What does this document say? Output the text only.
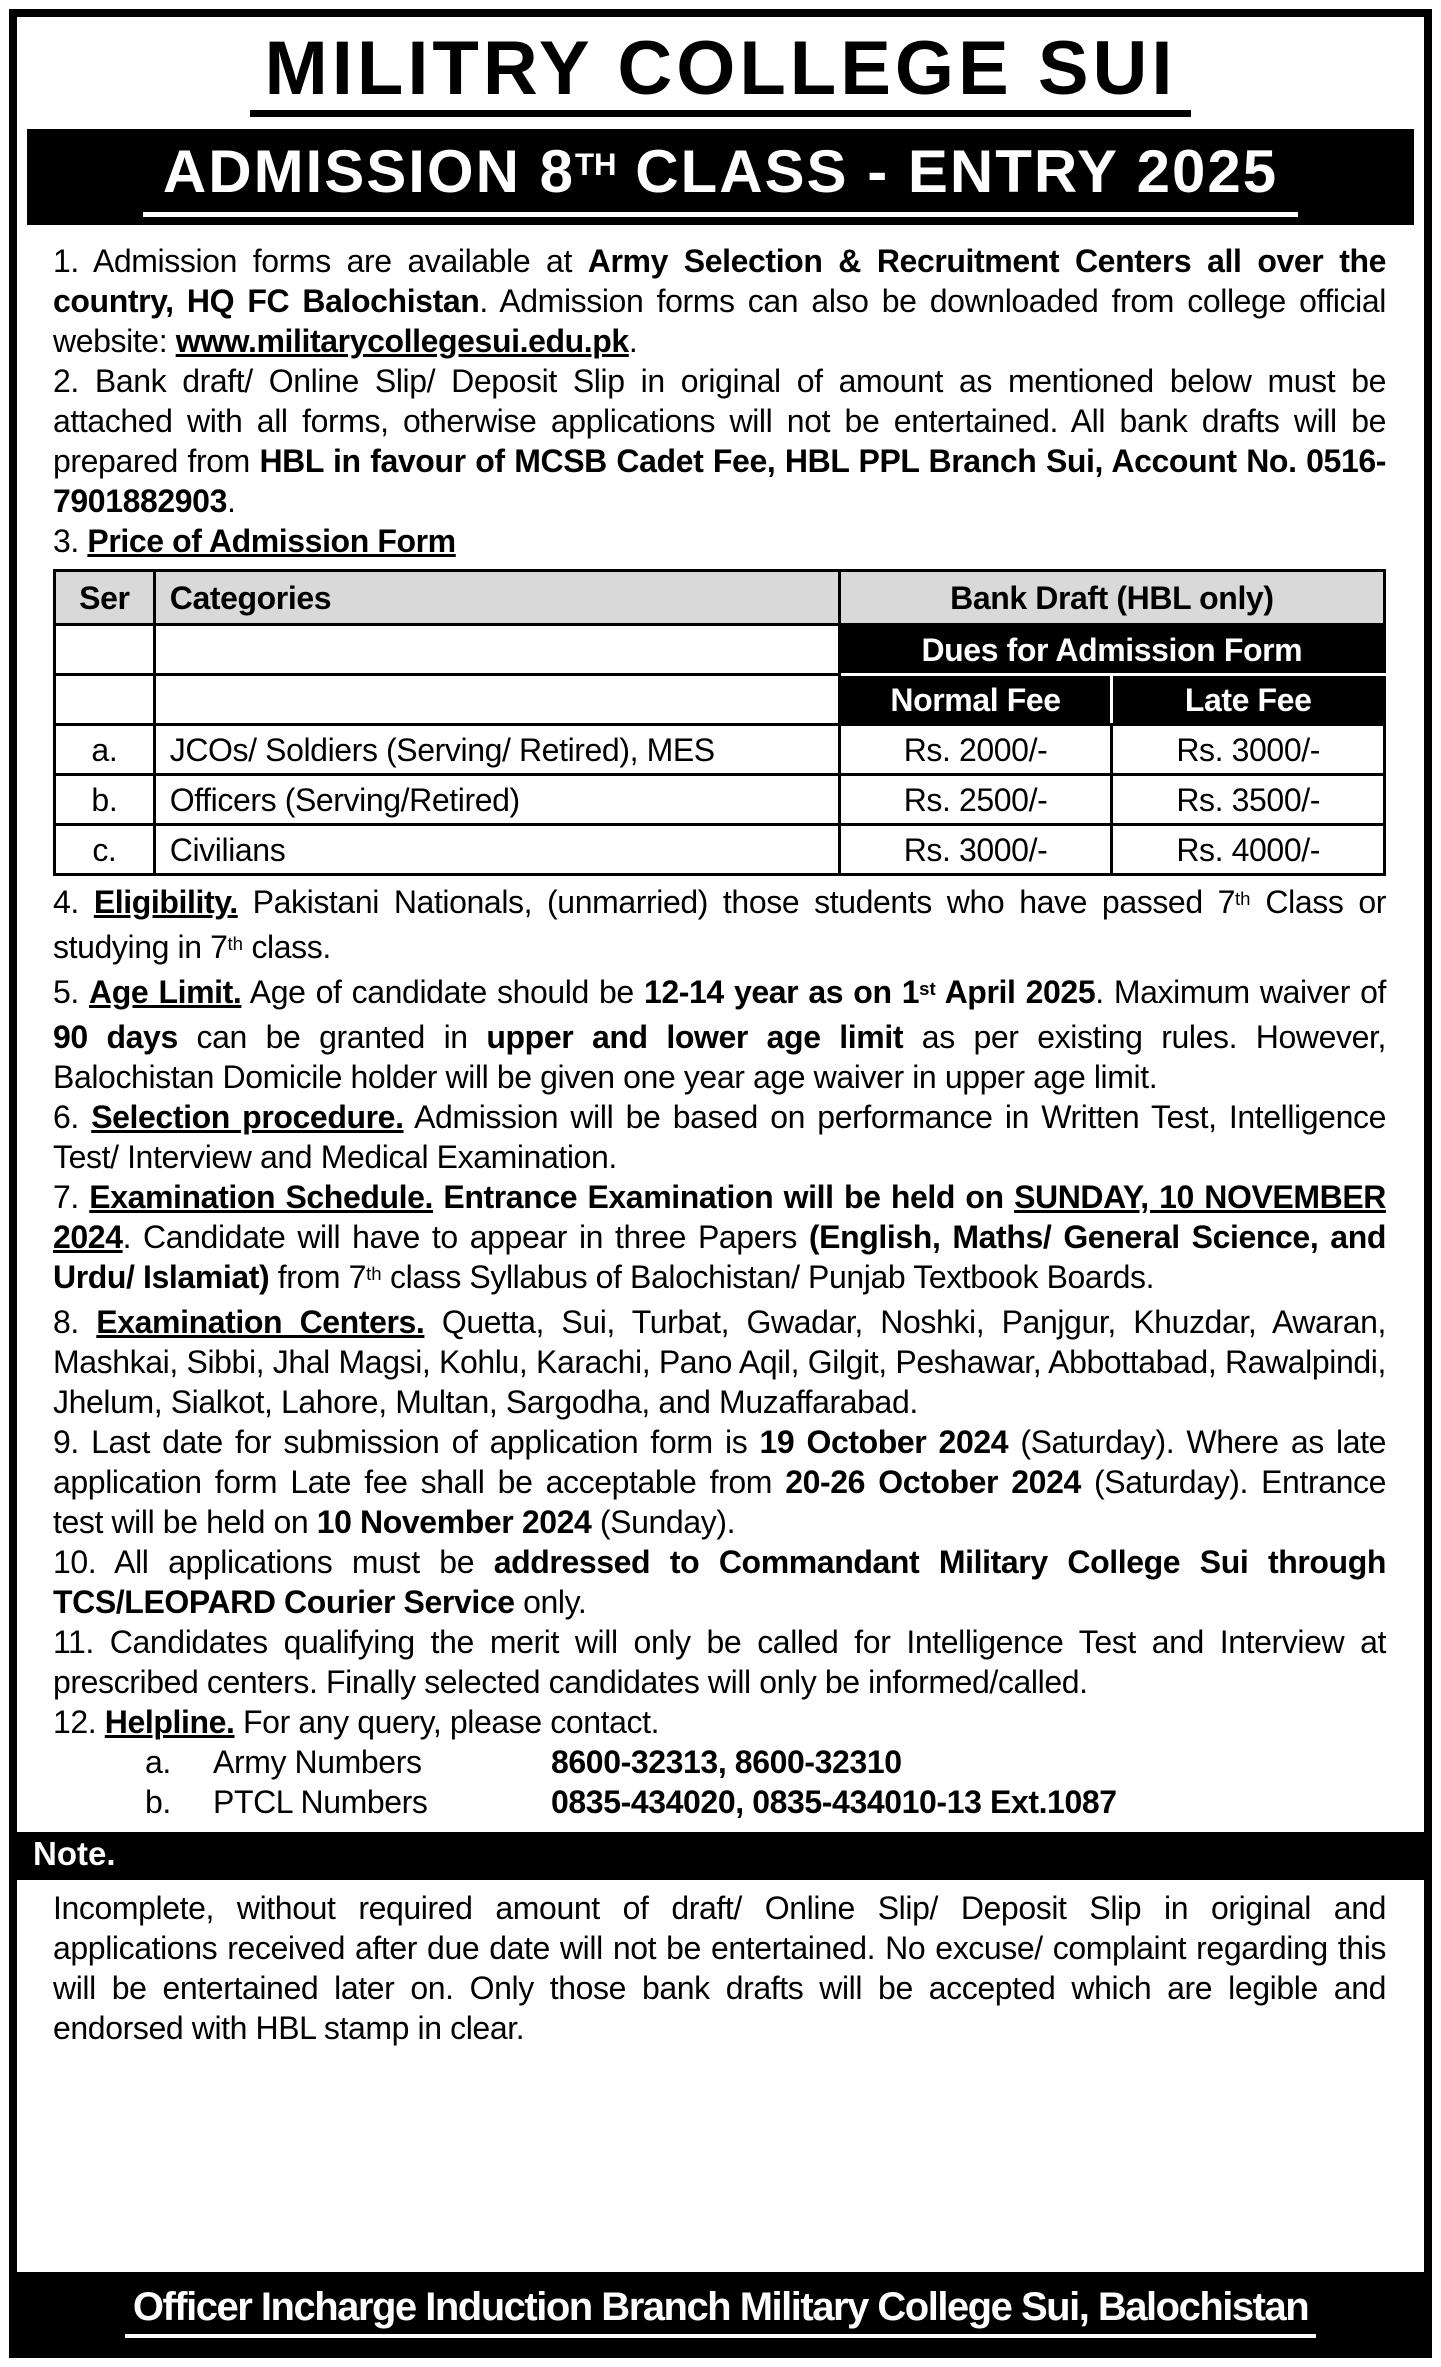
MILITRY COLLEGE SUI
ADMISSION 8TH CLASS - ENTRY 2025

1. Admission forms are available at Army Selection & Recruitment Centers all over the country, HQ FC Balochistan. Admission forms can also be downloaded from college official website: www.militarycollegesui.edu.pk.

2. Bank draft/ Online Slip/ Deposit Slip in original of amount as mentioned below must be attached with all forms, otherwise applications will not be entertained. All bank drafts will be prepared from HBL in favour of MCSB Cadet Fee, HBL PPL Branch Sui, Account No. 0516-7901882903.

3. Price of Admission Form

Ser	Categories	Bank Draft (HBL only)	
		Dues for Admission Form	
		Normal Fee	Late Fee
a.	JCOs/ Soldiers (Serving/ Retired), MES	Rs. 2000/-	Rs. 3000/-
b.	Officers (Serving/Retired)	Rs. 2500/-	Rs. 3500/-
c.	Civilians	Rs. 3000/-	Rs. 4000/-

4. Eligibility. Pakistani Nationals, (unmarried) those students who have passed 7th Class or studying in 7th class.

5. Age Limit. Age of candidate should be 12-14 year as on 1st April 2025. Maximum waiver of 90 days can be granted in upper and lower age limit as per existing rules. However, Balochistan Domicile holder will be given one year age waiver in upper age limit.

6. Selection procedure. Admission will be based on performance in Written Test, Intelligence Test/ Interview and Medical Examination.

7. Examination Schedule. Entrance Examination will be held on SUNDAY, 10 NOVEMBER 2024. Candidate will have to appear in three Papers (English, Maths/ General Science, and Urdu/ Islamiat) from 7th class Syllabus of Balochistan/ Punjab Textbook Boards.

8. Examination Centers. Quetta, Sui, Turbat, Gwadar, Noshki, Panjgur, Khuzdar, Awaran, Mashkai, Sibbi, Jhal Magsi, Kohlu, Karachi, Pano Aqil, Gilgit, Peshawar, Abbottabad, Rawalpindi, Jhelum, Sialkot, Lahore, Multan, Sargodha, and Muzaffarabad.

9. Last date for submission of application form is 19 October 2024 (Saturday). Where as late application form Late fee shall be acceptable from 20-26 October 2024 (Saturday). Entrance test will be held on 10 November 2024 (Sunday).

10. All applications must be addressed to Commandant Military College Sui through TCS/LEOPARD Courier Service only.

11. Candidates qualifying the merit will only be called for Intelligence Test and Interview at prescribed centers. Finally selected candidates will only be informed/called.

12. Helpline. For any query, please contact.

a.	Army Numbers	8600-32313, 8600-32310
b.	PTCL Numbers	0835-434020, 0835-434010-13 Ext.1087
Note.

Incomplete, without required amount of draft/ Online Slip/ Deposit Slip in original and applications received after due date will not be entertained. No excuse/ complaint regarding this will be entertained later on. Only those bank drafts will be accepted which are legible and endorsed with HBL stamp in clear.

Officer Incharge Induction Branch Military College Sui, Balochistan
